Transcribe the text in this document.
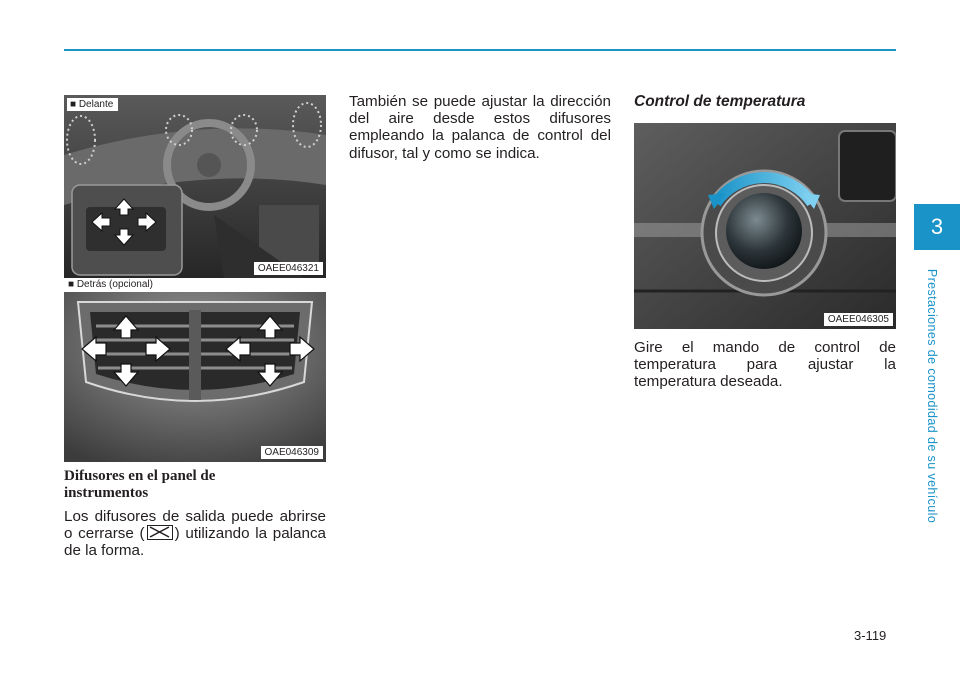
■ Delante
OAEE046321
■ Detrás (opcional)
OAE046309
Difusores en el panel de instrumentos

Los difusores de salida puede abrirse o cerrarse ( ) utilizando la palanca de la forma.

También se puede ajustar la dirección del aire desde estos difusores empleando la palanca de control del difusor, tal y como se indica.
Control de temperatura
OAEE046305
Gire el mando de control de temperatura para ajustar la temperatura deseada.
3
Prestaciones de comodidad de su vehículo
3-119
